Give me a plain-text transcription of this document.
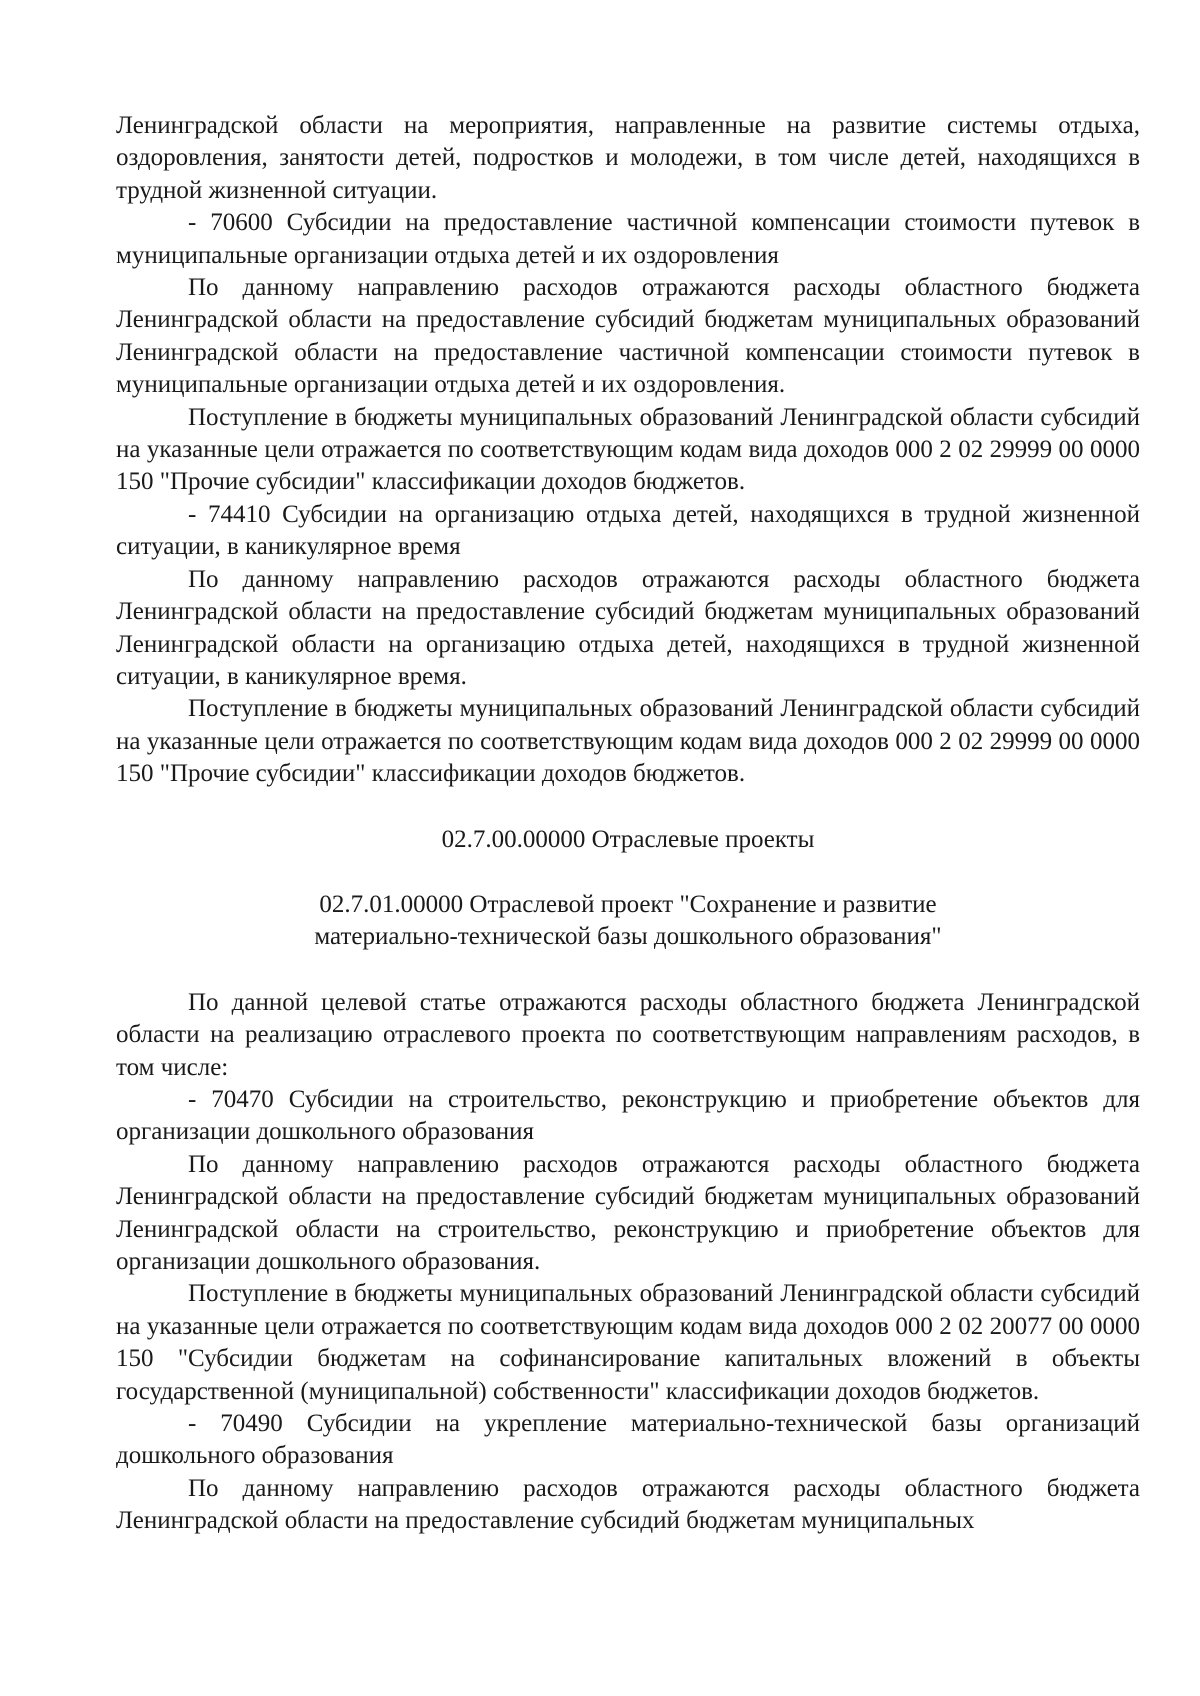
Ленинградской области на мероприятия, направленные на развитие системы отдыха, оздоровления, занятости детей, подростков и молодежи, в том числе детей, находящихся в трудной жизненной ситуации.

- 70600 Субсидии на предоставление частичной компенсации стоимости путевок в муниципальные организации отдыха детей и их оздоровления

По данному направлению расходов отражаются расходы областного бюджета Ленинградской области на предоставление субсидий бюджетам муниципальных образований Ленинградской области на предоставление частичной компенсации стоимости путевок в муниципальные организации отдыха детей и их оздоровления.

Поступление в бюджеты муниципальных образований Ленинградской области субсидий на указанные цели отражается по соответствующим кодам вида доходов 000 2 02 29999 00 0000 150 "Прочие субсидии" классификации доходов бюджетов.

- 74410 Субсидии на организацию отдыха детей, находящихся в трудной жизненной ситуации, в каникулярное время

По данному направлению расходов отражаются расходы областного бюджета Ленинградской области на предоставление субсидий бюджетам муниципальных образований Ленинградской области на организацию отдыха детей, находящихся в трудной жизненной ситуации, в каникулярное время.

Поступление в бюджеты муниципальных образований Ленинградской области субсидий на указанные цели отражается по соответствующим кодам вида доходов 000 2 02 29999 00 0000 150 "Прочие субсидии" классификации доходов бюджетов.

02.7.00.00000 Отраслевые проекты

02.7.01.00000 Отраслевой проект "Сохранение и развитие
материально-технической базы дошкольного образования"

По данной целевой статье отражаются расходы областного бюджета Ленинградской области на реализацию отраслевого проекта по соответствующим направлениям расходов, в том числе:

- 70470 Субсидии на строительство, реконструкцию и приобретение объектов для организации дошкольного образования

По данному направлению расходов отражаются расходы областного бюджета Ленинградской области на предоставление субсидий бюджетам муниципальных образований Ленинградской области на строительство, реконструкцию и приобретение объектов для организации дошкольного образования.

Поступление в бюджеты муниципальных образований Ленинградской области субсидий на указанные цели отражается по соответствующим кодам вида доходов 000 2 02 20077 00 0000 150 "Субсидии бюджетам на софинансирование капитальных вложений в объекты государственной (муниципальной) собственности" классификации доходов бюджетов.

- 70490 Субсидии на укрепление материально-технической базы организаций дошкольного образования

По данному направлению расходов отражаются расходы областного бюджета Ленинградской области на предоставление субсидий бюджетам муниципальных
